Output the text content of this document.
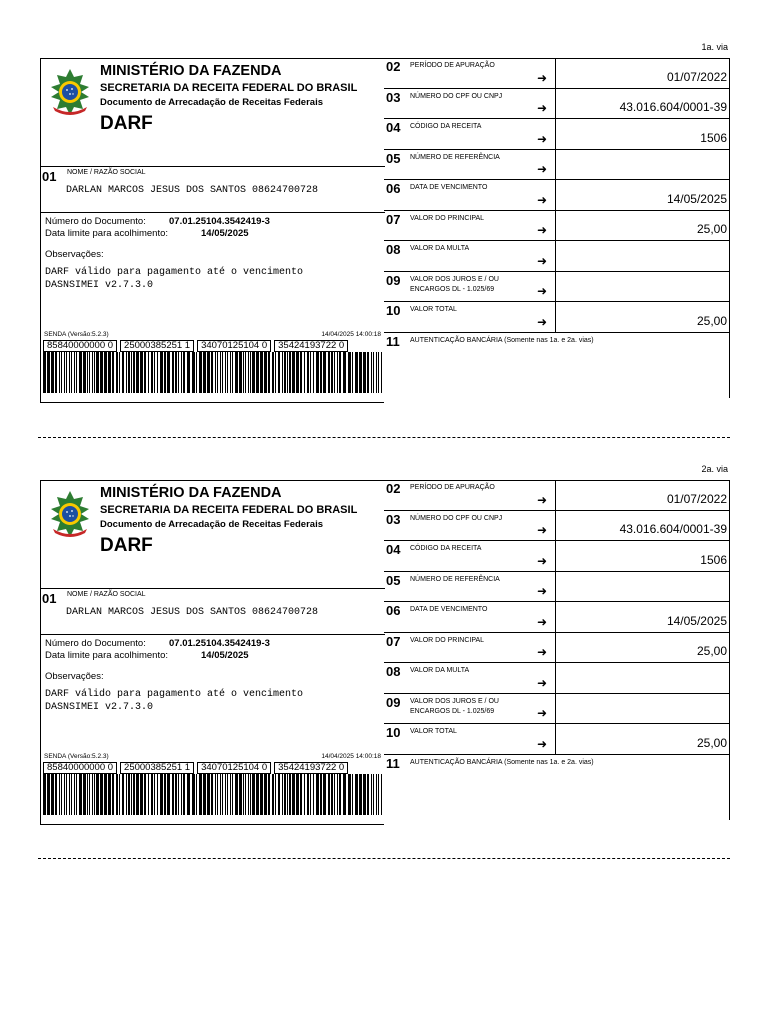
1a. via
MINISTÉRIO DA FAZENDA
SECRETARIA DA RECEITA FEDERAL DO BRASIL
Documento de Arrecadação de Receitas Federais
DARF
01 NOME / RAZÃO SOCIAL
DARLAN MARCOS JESUS DOS SANTOS 08624700728
Número do Documento: 07.01.25104.3542419-3
Data limite para acolhimento:	14/05/2025
Observações:
DARF válido para pagamento até o vencimento
DASNSIMEI v2.7.3.0
SENDA (Versão:5.2.3)	14/04/2025 14:00:18
85840000000 0	25000385251 1	34070125104 0	35424193722 0
02 PERÍODO DE APURAÇÃO
➜	01/07/2022
03 NÚMERO DO CPF OU CNPJ
➜	43.016.604/0001-39
04 CÓDIGO DA RECEITA
➜	1506
05 NÚMERO DE REFERÊNCIA
➜
06 DATA DE VENCIMENTO
➜	14/05/2025
07 VALOR DO PRINCIPAL
➜	25,00
08 VALOR DA MULTA
➜
09 VALOR DOS JUROS E / OU ENCARGOS DL - 1.025/69	➜
10 VALOR TOTAL
➜	25,00
11 AUTENTICAÇÃO BANCÁRIA (Somente nas 1a. e 2a. vias)
2a. via
MINISTÉRIO DA FAZENDA
SECRETARIA DA RECEITA FEDERAL DO BRASIL
Documento de Arrecadação de Receitas Federais
DARF
01 NOME / RAZÃO SOCIAL
DARLAN MARCOS JESUS DOS SANTOS 08624700728
Número do Documento: 07.01.25104.3542419-3
Data limite para acolhimento:	14/05/2025
Observações:
DARF válido para pagamento até o vencimento
DASNSIMEI v2.7.3.0
SENDA (Versão:5.2.3)	14/04/2025 14:00:18
85840000000 0	25000385251 1	34070125104 0	35424193722 0
02 PERÍODO DE APURAÇÃO
➜	01/07/2022
03 NÚMERO DO CPF OU CNPJ
➜	43.016.604/0001-39
04 CÓDIGO DA RECEITA
➜	1506
05 NÚMERO DE REFERÊNCIA
➜
06 DATA DE VENCIMENTO
➜	14/05/2025
07 VALOR DO PRINCIPAL
➜	25,00
08 VALOR DA MULTA
➜
09 VALOR DOS JUROS E / OU ENCARGOS DL - 1.025/69	➜
10 VALOR TOTAL
➜	25,00
11 AUTENTICAÇÃO BANCÁRIA (Somente nas 1a. e 2a. vias)
